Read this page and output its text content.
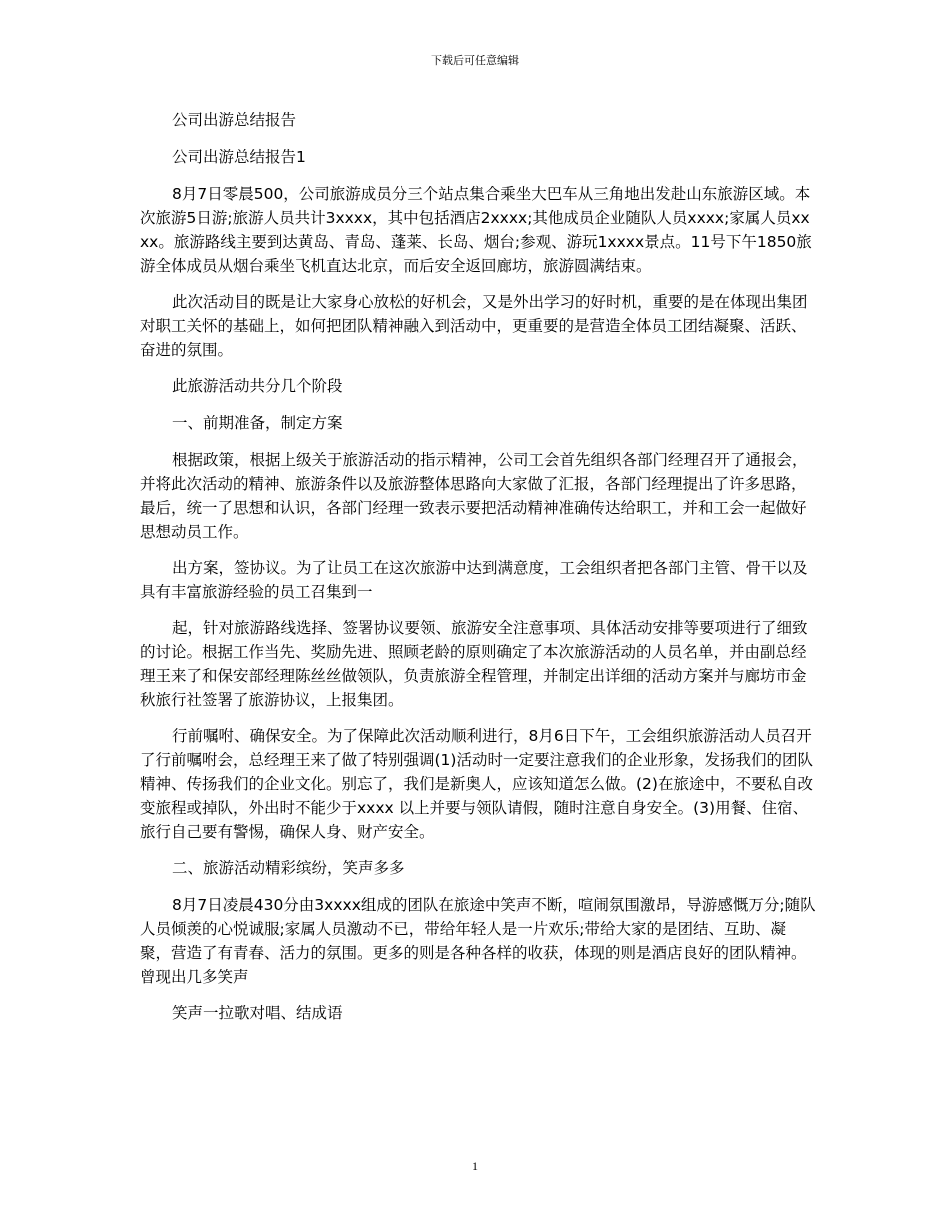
下载后可任意编辑

公司出游总结报告

公司出游总结报告1

8月7日零晨500，公司旅游成员分三个站点集合乘坐大巴车从三角地出发赴山东旅游区域。本次旅游5日游;旅游人员共计3xxxx，其中包括酒店2xxxx;其他成员企业随队人员xxxx;家属人员xxxx。旅游路线主要到达黄岛、青岛、蓬莱、长岛、烟台;参观、游玩1xxxx景点。11号下午1850旅游全体成员从烟台乘坐飞机直达北京，而后安全返回廊坊，旅游圆满结束。

此次活动目的既是让大家身心放松的好机会，又是外出学习的好时机，重要的是在体现出集团对职工关怀的基础上，如何把团队精神融入到活动中，更重要的是营造全体员工团结凝聚、活跃、奋进的氛围。

此旅游活动共分几个阶段

一、前期准备，制定方案

根据政策，根据上级关于旅游活动的指示精神，公司工会首先组织各部门经理召开了通报会，并将此次活动的精神、旅游条件以及旅游整体思路向大家做了汇报，各部门经理提出了许多思路，最后，统一了思想和认识，各部门经理一致表示要把活动精神准确传达给职工，并和工会一起做好思想动员工作。

出方案，签协议。为了让员工在这次旅游中达到满意度，工会组织者把各部门主管、骨干以及具有丰富旅游经验的员工召集到一

起，针对旅游路线选择、签署协议要领、旅游安全注意事项、具体活动安排等要项进行了细致的讨论。根据工作当先、奖励先进、照顾老龄的原则确定了本次旅游活动的人员名单，并由副总经理王来了和保安部经理陈丝丝做领队，负责旅游全程管理，并制定出详细的活动方案并与廊坊市金秋旅行社签署了旅游协议，上报集团。

行前嘱咐、确保安全。为了保障此次活动顺利进行，8月6日下午，工会组织旅游活动人员召开了行前嘱咐会，总经理王来了做了特别强调(1)活动时一定要注意我们的企业形象，发扬我们的团队精神、传扬我们的企业文化。别忘了，我们是新奥人，应该知道怎么做。(2)在旅途中，不要私自改变旅程或掉队，外出时不能少于xxxx 以上并要与领队请假，随时注意自身安全。(3)用餐、住宿、旅行自己要有警惕，确保人身、财产安全。

二、旅游活动精彩缤纷，笑声多多

8月7日凌晨430分由3xxxx组成的团队在旅途中笑声不断，喧闹氛围激昂，导游感慨万分;随队人员倾羡的心悦诚服;家属人员激动不已，带给年轻人是一片欢乐;带给大家的是团结、互助、凝聚，营造了有青春、活力的氛围。更多的则是各种各样的收获，体现的则是酒店良好的团队精神。曾现出几多笑声

笑声一拉歌对唱、结成语

1
